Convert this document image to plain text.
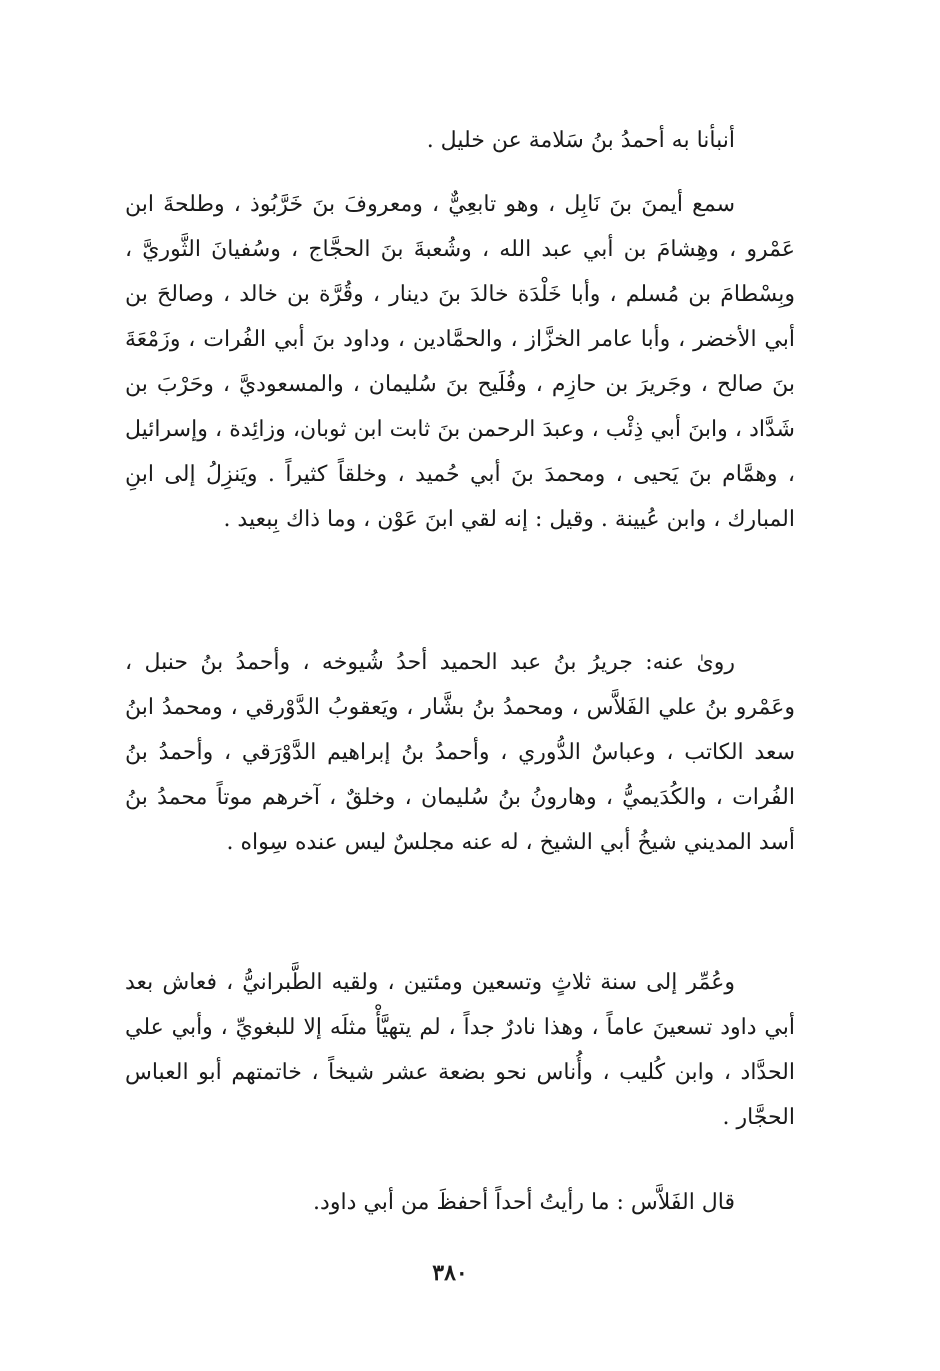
أنبأنا به أحمدُ بنُ سَلامة عن خليل .

سمع أيمنَ بنَ نَابِل ، وهو تابعِيٌّ ، ومعروفَ بنَ خَرَّبُوذ ، وطلحةَ ابن عَمْرو ، وهِشامَ بن أبي عبد الله ، وشُعبةَ بنَ الحجَّاج ، وسُفيانَ الثَّوريَّ ، وبِسْطامَ بن مُسلم ، وأبا خَلْدَة خالدَ بنَ دينار ، وقُرَّة بن خالد ، وصالحَ بن أبي الأخضر ، وأبا عامر الخزَّاز ، والحمَّادين ، وداود بنَ أبي الفُرات ، وزَمْعَةَ بنَ صالح ، وجَريرَ بن حازِم ، وفُلَيح بنَ سُليمان ، والمسعوديَّ ، وحَرْبَ بن شَدَّاد ، وابنَ أبي ذِئْب ، وعبدَ الرحمن بنَ ثابت ابن ثوبان، وزائِدة ، وإسرائيل ، وهمَّام بنَ يَحيى ، ومحمدَ بنَ أبي حُميد ، وخلقاً كثيراً . ويَنزِلُ إلى ابنِ المبارك ، وابن عُيينة . وقيل : إنه لقي ابنَ عَوْن ، وما ذاك بِبعيد .

روىٰ عنه: جريرُ بنُ عبد الحميد أحدُ شُيوخه ، وأحمدُ بنُ حنبل ، وعَمْرو بنُ علي الفَلاَّس ، ومحمدُ بنُ بشَّار ، ويَعقوبُ الدَّوْرقي ، ومحمدُ ابنُ سعد الكاتب ، وعباسٌ الدُّوري ، وأحمدُ بنُ إبراهيم الدَّوْرَقي ، وأحمدُ بنُ الفُرات ، والكُدَيميُّ ، وهارونُ بنُ سُليمان ، وخلقٌ ، آخرهم موتاً محمدُ بنُ أسد المديني شيخُ أبي الشيخ ، له عنه مجلسٌ ليس عنده سِواه .

وعُمِّر إلى سنة ثلاثٍ وتسعين ومئتين ، ولقيه الطَّبرانيُّ ، فعاش بعد أبي داود تسعينَ عاماً ، وهذا نادرٌ جداً ، لم يتهيَّأْ مثلَه إلا للبغويِّ ، وأبي علي الحدَّاد ، وابن كُليب ، وأُناس نحو بضعة عشر شيخاً ، خاتمتهم أبو العباس الحجَّار .

قال الفَلاَّس : ما رأيتُ أحداً أحفظَ من أبي داود.

٣٨٠
